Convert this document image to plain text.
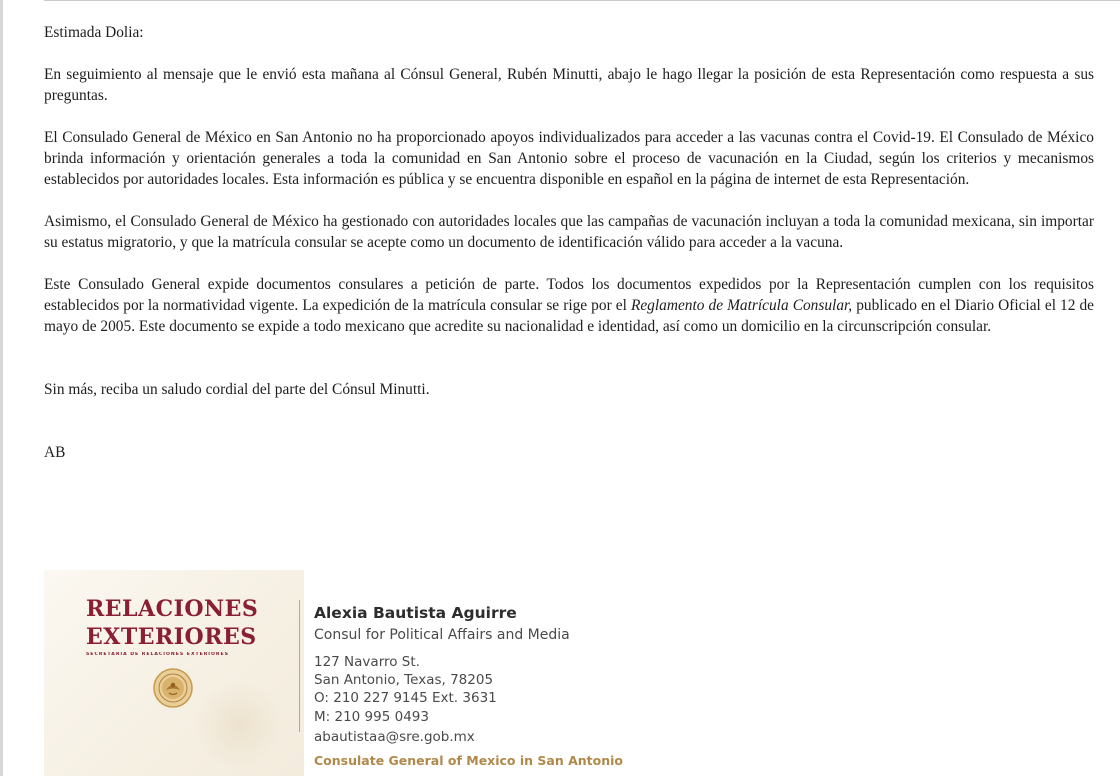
Estimada Dolia:

En seguimiento al mensaje que le envió esta mañana al Cónsul General, Rubén Minutti, abajo le hago llegar la posición de esta Representación como respuesta a sus preguntas.

El Consulado General de México en San Antonio no ha proporcionado apoyos individualizados para acceder a las vacunas contra el Covid-19. El Consulado de México brinda información y orientación generales a toda la comunidad en San Antonio sobre el proceso de vacunación en la Ciudad, según los criterios y mecanismos establecidos por autoridades locales. Esta información es pública y se encuentra disponible en español en la página de internet de esta Representación.

Asimismo, el Consulado General de México ha gestionado con autoridades locales que las campañas de vacunación incluyan a toda la comunidad mexicana, sin importar su estatus migratorio, y que la matrícula consular se acepte como un documento de identificación válido para acceder a la vacuna.

Este Consulado General expide documentos consulares a petición de parte. Todos los documentos expedidos por la Representación cumplen con los requisitos establecidos por la normatividad vigente. La expedición de la matrícula consular se rige por el Reglamento de Matrícula Consular, publicado en el Diario Oficial el 12 de mayo de 2005. Este documento se expide a todo mexicano que acredite su nacionalidad e identidad, así como un domicilio en la circunscripción consular.

Sin más, reciba un saludo cordial del parte del Cónsul Minutti.

AB

RELACIONES
EXTERIORES
SECRETARÍA DE RELACIONES EXTERIORES
Alexia Bautista Aguirre
Consul for Political Affairs and Media
127 Navarro St.
San Antonio, Texas, 78205
O: 210 227 9145 Ext. 3631
M: 210 995 0493
abautistaa@sre.gob.mx
Consulate General of Mexico in San Antonio
